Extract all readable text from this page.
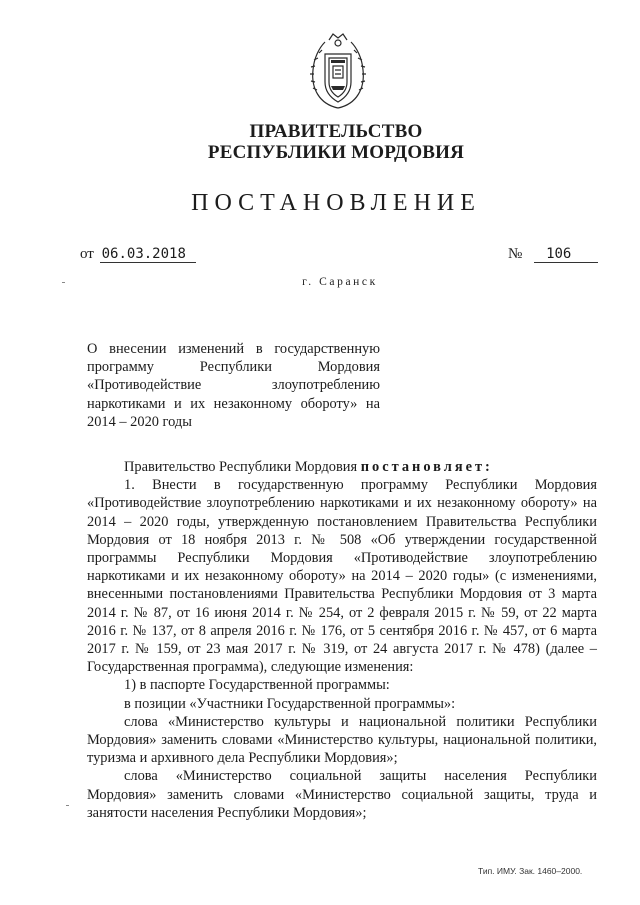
ПРАВИТЕЛЬСТВО
РЕСПУБЛИКИ МОРДОВИЯ
ПОСТАНОВЛЕНИЕ
от 06.03.2018	№ 106
г. Саранск
О внесении изменений в государственную программу Республики Мордовия «Противодействие злоупотреблению наркотиками и их незаконному обороту» на 2014 – 2020 годы

Правительство Республики Мордовия постановляет:

1. Внести в государственную программу Республики Мордовия «Противодействие злоупотреблению наркотиками и их незаконному обороту» на 2014 – 2020 годы, утвержденную постановлением Правительства Республики Мордовия от 18 ноября 2013 г. № 508 «Об утверждении государственной программы Республики Мордовия «Противодействие злоупотреблению наркотиками и их незаконному обороту» на 2014 – 2020 годы» (с изменениями, внесенными постановлениями Правительства Республики Мордовия от 3 марта 2014 г. № 87, от 16 июня 2014 г. № 254, от 2 февраля 2015 г. № 59, от 22 марта 2016 г. № 137, от 8 апреля 2016 г. № 176, от 5 сентября 2016 г. № 457, от 6 марта 2017 г. № 159, от 23 мая 2017 г. № 319, от 24 августа 2017 г. № 478) (далее – Государственная программа), следующие изменения:

1) в паспорте Государственной программы:

в позиции «Участники Государственной программы»:

слова «Министерство культуры и национальной политики Республики Мордовия» заменить словами «Министерство культуры, национальной политики, туризма и архивного дела Республики Мордовия»;

слова «Министерство социальной защиты населения Республики Мордовия» заменить словами «Министерство социальной защиты, труда и занятости населения Республики Мордовия»;

Тип. ИМУ. Зак. 1460–2000.
